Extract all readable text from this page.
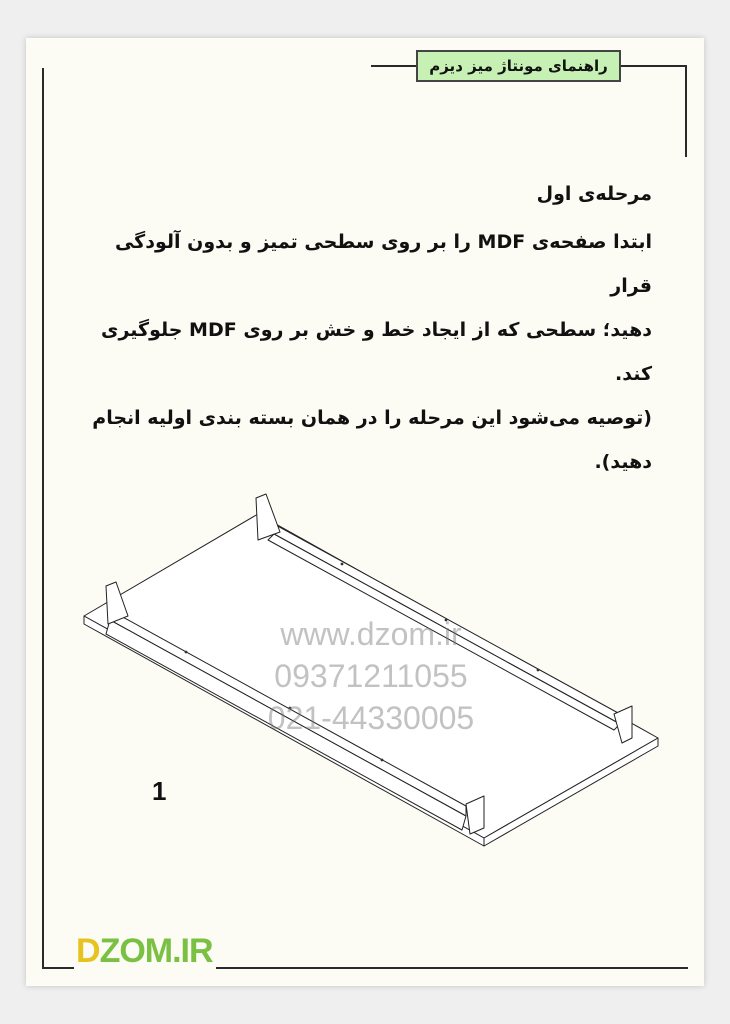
راهنمای مونتاژ میز دیزم
مرحله‌ی اول

ابتدا صفحه‌ی MDF را بر روی سطحی تمیز و بدون آلودگی قرار

دهید؛ سطحی که از ایجاد خط و خش بر روی MDF جلوگیری کند.

(توصیه می‌شود این مرحله را در همان بسته بندی اولیه انجام

دهید).

www.dzom.ir
09371211055
021-44330005
1
DZOM.IR
